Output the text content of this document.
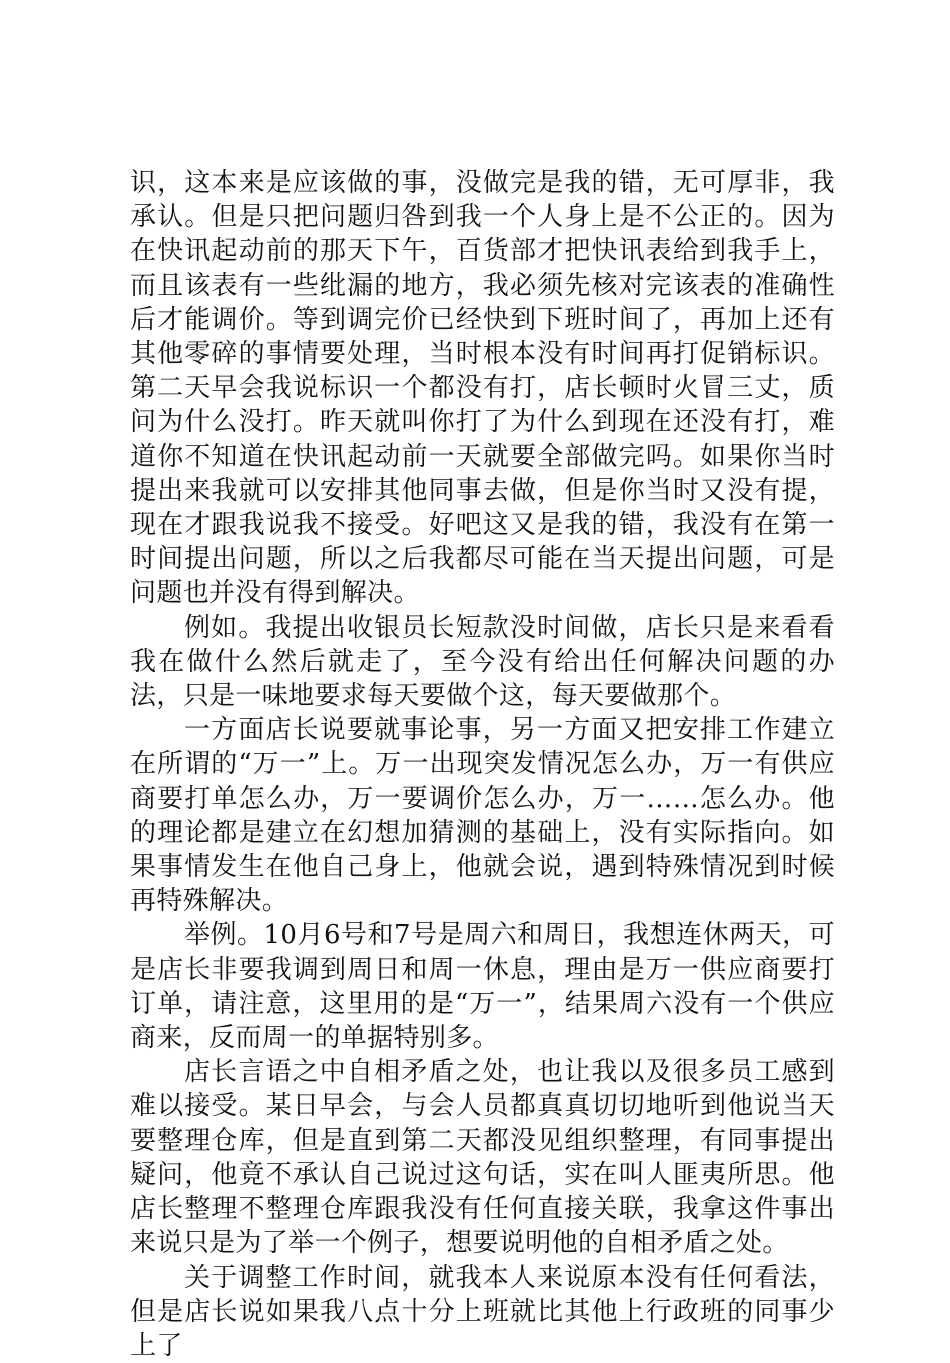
识，这本来是应该做的事，没做完是我的错，无可厚非，我承认。但是只把问题归咎到我一个人身上是不公正的。因为在快讯起动前的那天下午，百货部才把快讯表给到我手上，而且该表有一些纰漏的地方，我必须先核对完该表的准确性后才能调价。等到调完价已经快到下班时间了，再加上还有其他零碎的事情要处理，当时根本没有时间再打促销标识。第二天早会我说标识一个都没有打，店长顿时火冒三丈，质问为什么没打。昨天就叫你打了为什么到现在还没有打，难道你不知道在快讯起动前一天就要全部做完吗。如果你当时提出来我就可以安排其他同事去做，但是你当时又没有提，现在才跟我说我不接受。好吧这又是我的错，我没有在第一时间提出问题，所以之后我都尽可能在当天提出问题，可是问题也并没有得到解决。

例如。我提出收银员长短款没时间做，店长只是来看看我在做什么然后就走了，至今没有给出任何解决问题的办法，只是一味地要求每天要做个这，每天要做那个。

一方面店长说要就事论事，另一方面又把安排工作建立在所谓的“万一”上。万一出现突发情况怎么办，万一有供应商要打单怎么办，万一要调价怎么办，万一……怎么办。他的理论都是建立在幻想加猜测的基础上，没有实际指向。如果事情发生在他自己身上，他就会说，遇到特殊情况到时候再特殊解决。

举例。10月6号和7号是周六和周日，我想连休两天，可是店长非要我调到周日和周一休息，理由是万一供应商要打订单，请注意，这里用的是“万一”，结果周六没有一个供应商来，反而周一的单据特别多。

店长言语之中自相矛盾之处，也让我以及很多员工感到难以接受。某日早会，与会人员都真真切切地听到他说当天要整理仓库，但是直到第二天都没见组织整理，有同事提出疑问，他竟不承认自己说过这句话，实在叫人匪夷所思。他店长整理不整理仓库跟我没有任何直接关联，我拿这件事出来说只是为了举一个例子，想要说明他的自相矛盾之处。

关于调整工作时间，就我本人来说原本没有任何看法，但是店长说如果我八点十分上班就比其他上行政班的同事少上了
